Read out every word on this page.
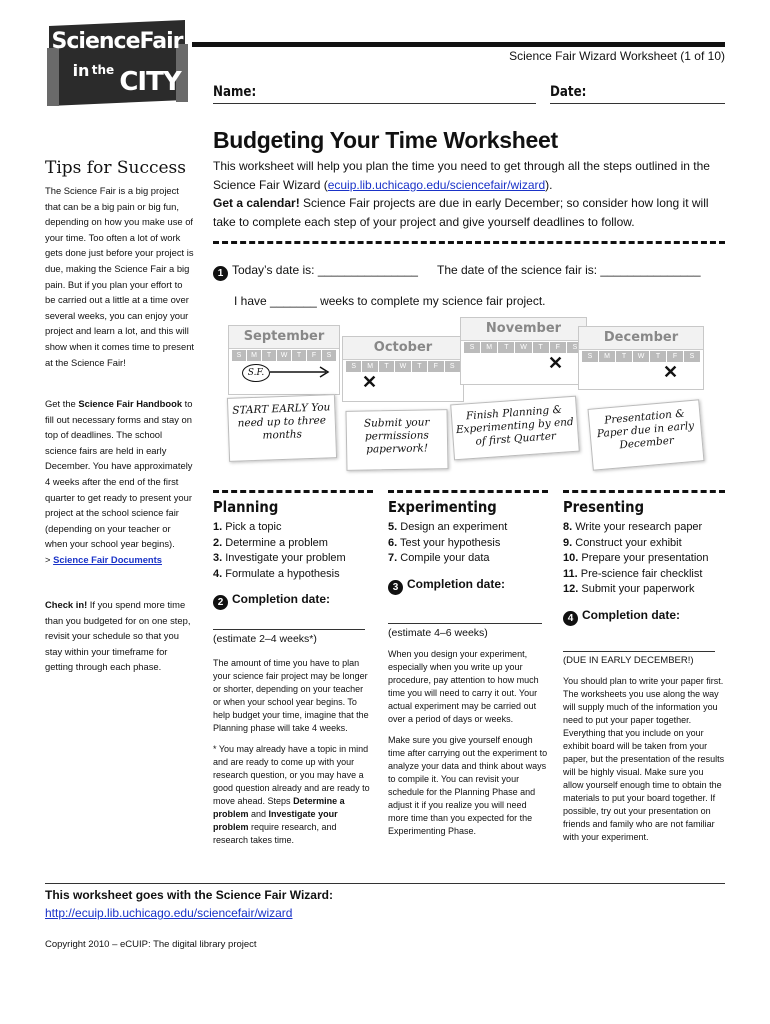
ScienceFair
in the CITY
Science Fair Wizard Worksheet (1 of 10)
Name:	Date:
Budgeting Your Time Worksheet
This worksheet will help you plan the time you need to get through all the steps outlined in the Science Fair Wizard (ecuip.lib.uchicago.edu/sciencefair/wizard).
Get a calendar! Science Fair projects are due in early December; so consider how long it will take to complete each step of your project and give yourself deadlines to follow.
1 Today’s date is: _______________ The date of the science fair is: _______________
I have _______ weeks to complete my science fair project.
September
S	M	T	W	T	F	S
S.F.
October
S	M	T	W	T	F	S
✕
November
S	M	T	W	T	F	S
✕
December
S	M	T	W	T	F	S
✕
START EARLY You need up to three months
Submit your permissions paperwork!
Finish Planning & Experimenting by end of first Quarter
Presentation & Paper due in early December
Tips for Success
The Science Fair is a big project that can be a big pain or big fun, depending on how you make use of your time. Too often a lot of work gets done just before your project is due, making the Science Fair a big pain. But if you plan your effort to be carried out a little at a time over several weeks, you can enjoy your project and learn a lot, and this will show when it comes time to present at the Science Fair!
Get the Science Fair Handbook to fill out necessary forms and stay on top of deadlines. The school science fairs are held in early December. You have approximately 4 weeks after the end of the first quarter to get ready to present your project at the school science fair (depending on your teacher or when your school year begins).
> Science Fair Documents
Check in! If you spend more time than you budgeted for on one step, revisit your schedule so that you stay within your timeframe for getting through each phase.
Planning
1. Pick a topic
2. Determine a problem
3. Investigate your problem
4. Formulate a hypothesis
2 Completion date:
(estimate 2–4 weeks*)
The amount of time you have to plan your science fair project may be longer or shorter, depending on your teacher or when your school year begins. To help budget your time, imagine that the Planning phase will take 4 weeks.
* You may already have a topic in mind and are ready to come up with your research question, or you may have a good question already and are ready to move ahead. Steps Determine a problem and Investigate your problem require research, and research takes time.
Experimenting
5. Design an experiment
6. Test your hypothesis
7. Compile your data
3 Completion date:
(estimate 4–6 weeks)
When you design your experiment, especially when you write up your procedure, pay attention to how much time you will need to carry it out. Your actual experiment may be carried out over a period of days or weeks.
Make sure you give yourself enough time after carrying out the experiment to analyze your data and think about ways to compile it. You can revisit your schedule for the Planning Phase and adjust it if you realize you will need more time than you expected for the Experimenting Phase.
Presenting
8. Write your research paper
9. Construct your exhibit
10. Prepare your presentation
11. Pre-science fair checklist
12. Submit your paperwork
4 Completion date:
(DUE IN EARLY DECEMBER!)
You should plan to write your paper first. The worksheets you use along the way will supply much of the information you need to put your paper together. Everything that you include on your exhibit board will be taken from your paper, but the presentation of the results will be highly visual. Make sure you allow yourself enough time to obtain the materials to put your board together. If possible, try out your presentation on friends and family who are not familiar with your experiment.
This worksheet goes with the Science Fair Wizard:
http://ecuip.lib.uchicago.edu/sciencefair/wizard
Copyright 2010 – eCUIP: The digital library project
